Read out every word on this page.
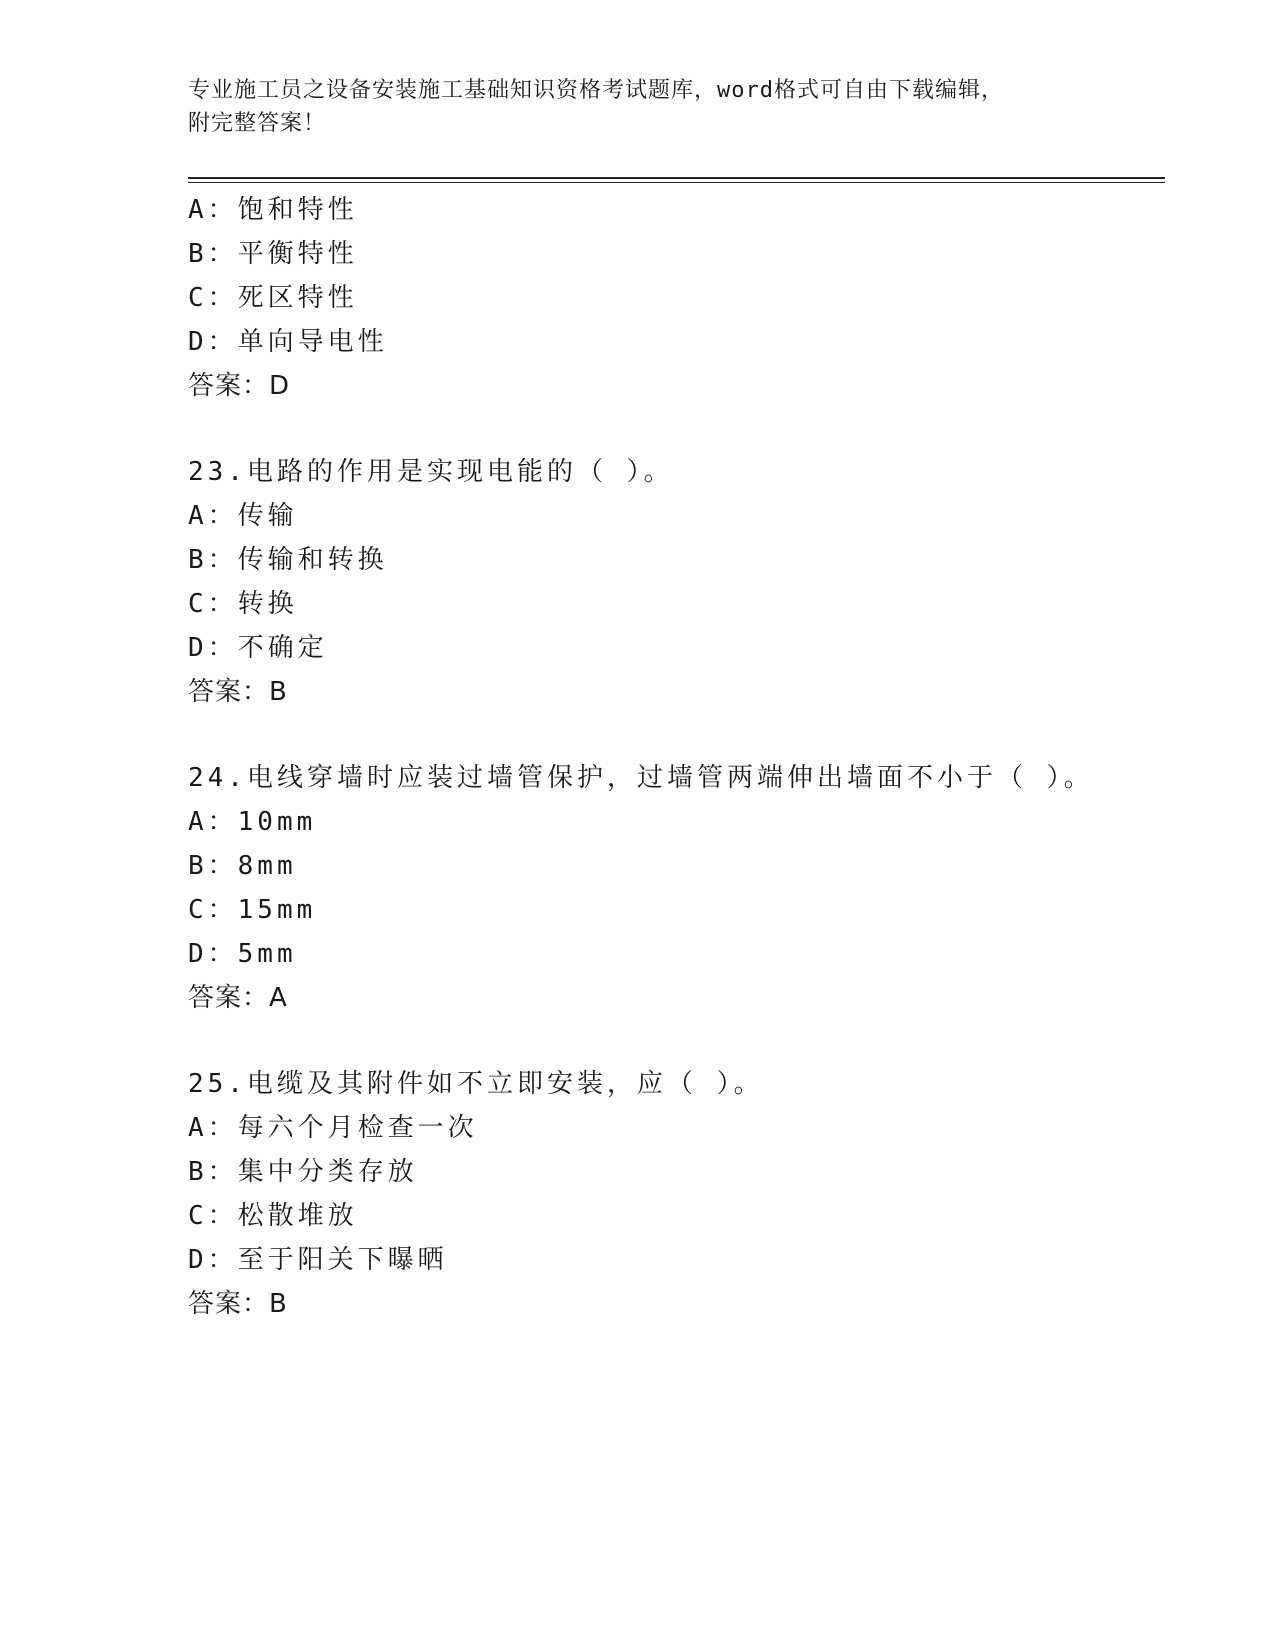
专业施工员之设备安装施工基础知识资格考试题库，word格式可自由下载编辑，
附完整答案！
A：饱和特性
B：平衡特性
C：死区特性
D：单向导电性
答案：D
23.电路的作用是实现电能的（ ）。
A：传输
B：传输和转换
C：转换
D：不确定
答案：B
24.电线穿墙时应装过墙管保护，过墙管两端伸出墙面不小于（ ）。
A：10mm
B：8mm
C：15mm
D：5mm
答案：A
25.电缆及其附件如不立即安装，应（ ）。
A：每六个月检查一次
B：集中分类存放
C：松散堆放
D：至于阳关下曝晒
答案：B
